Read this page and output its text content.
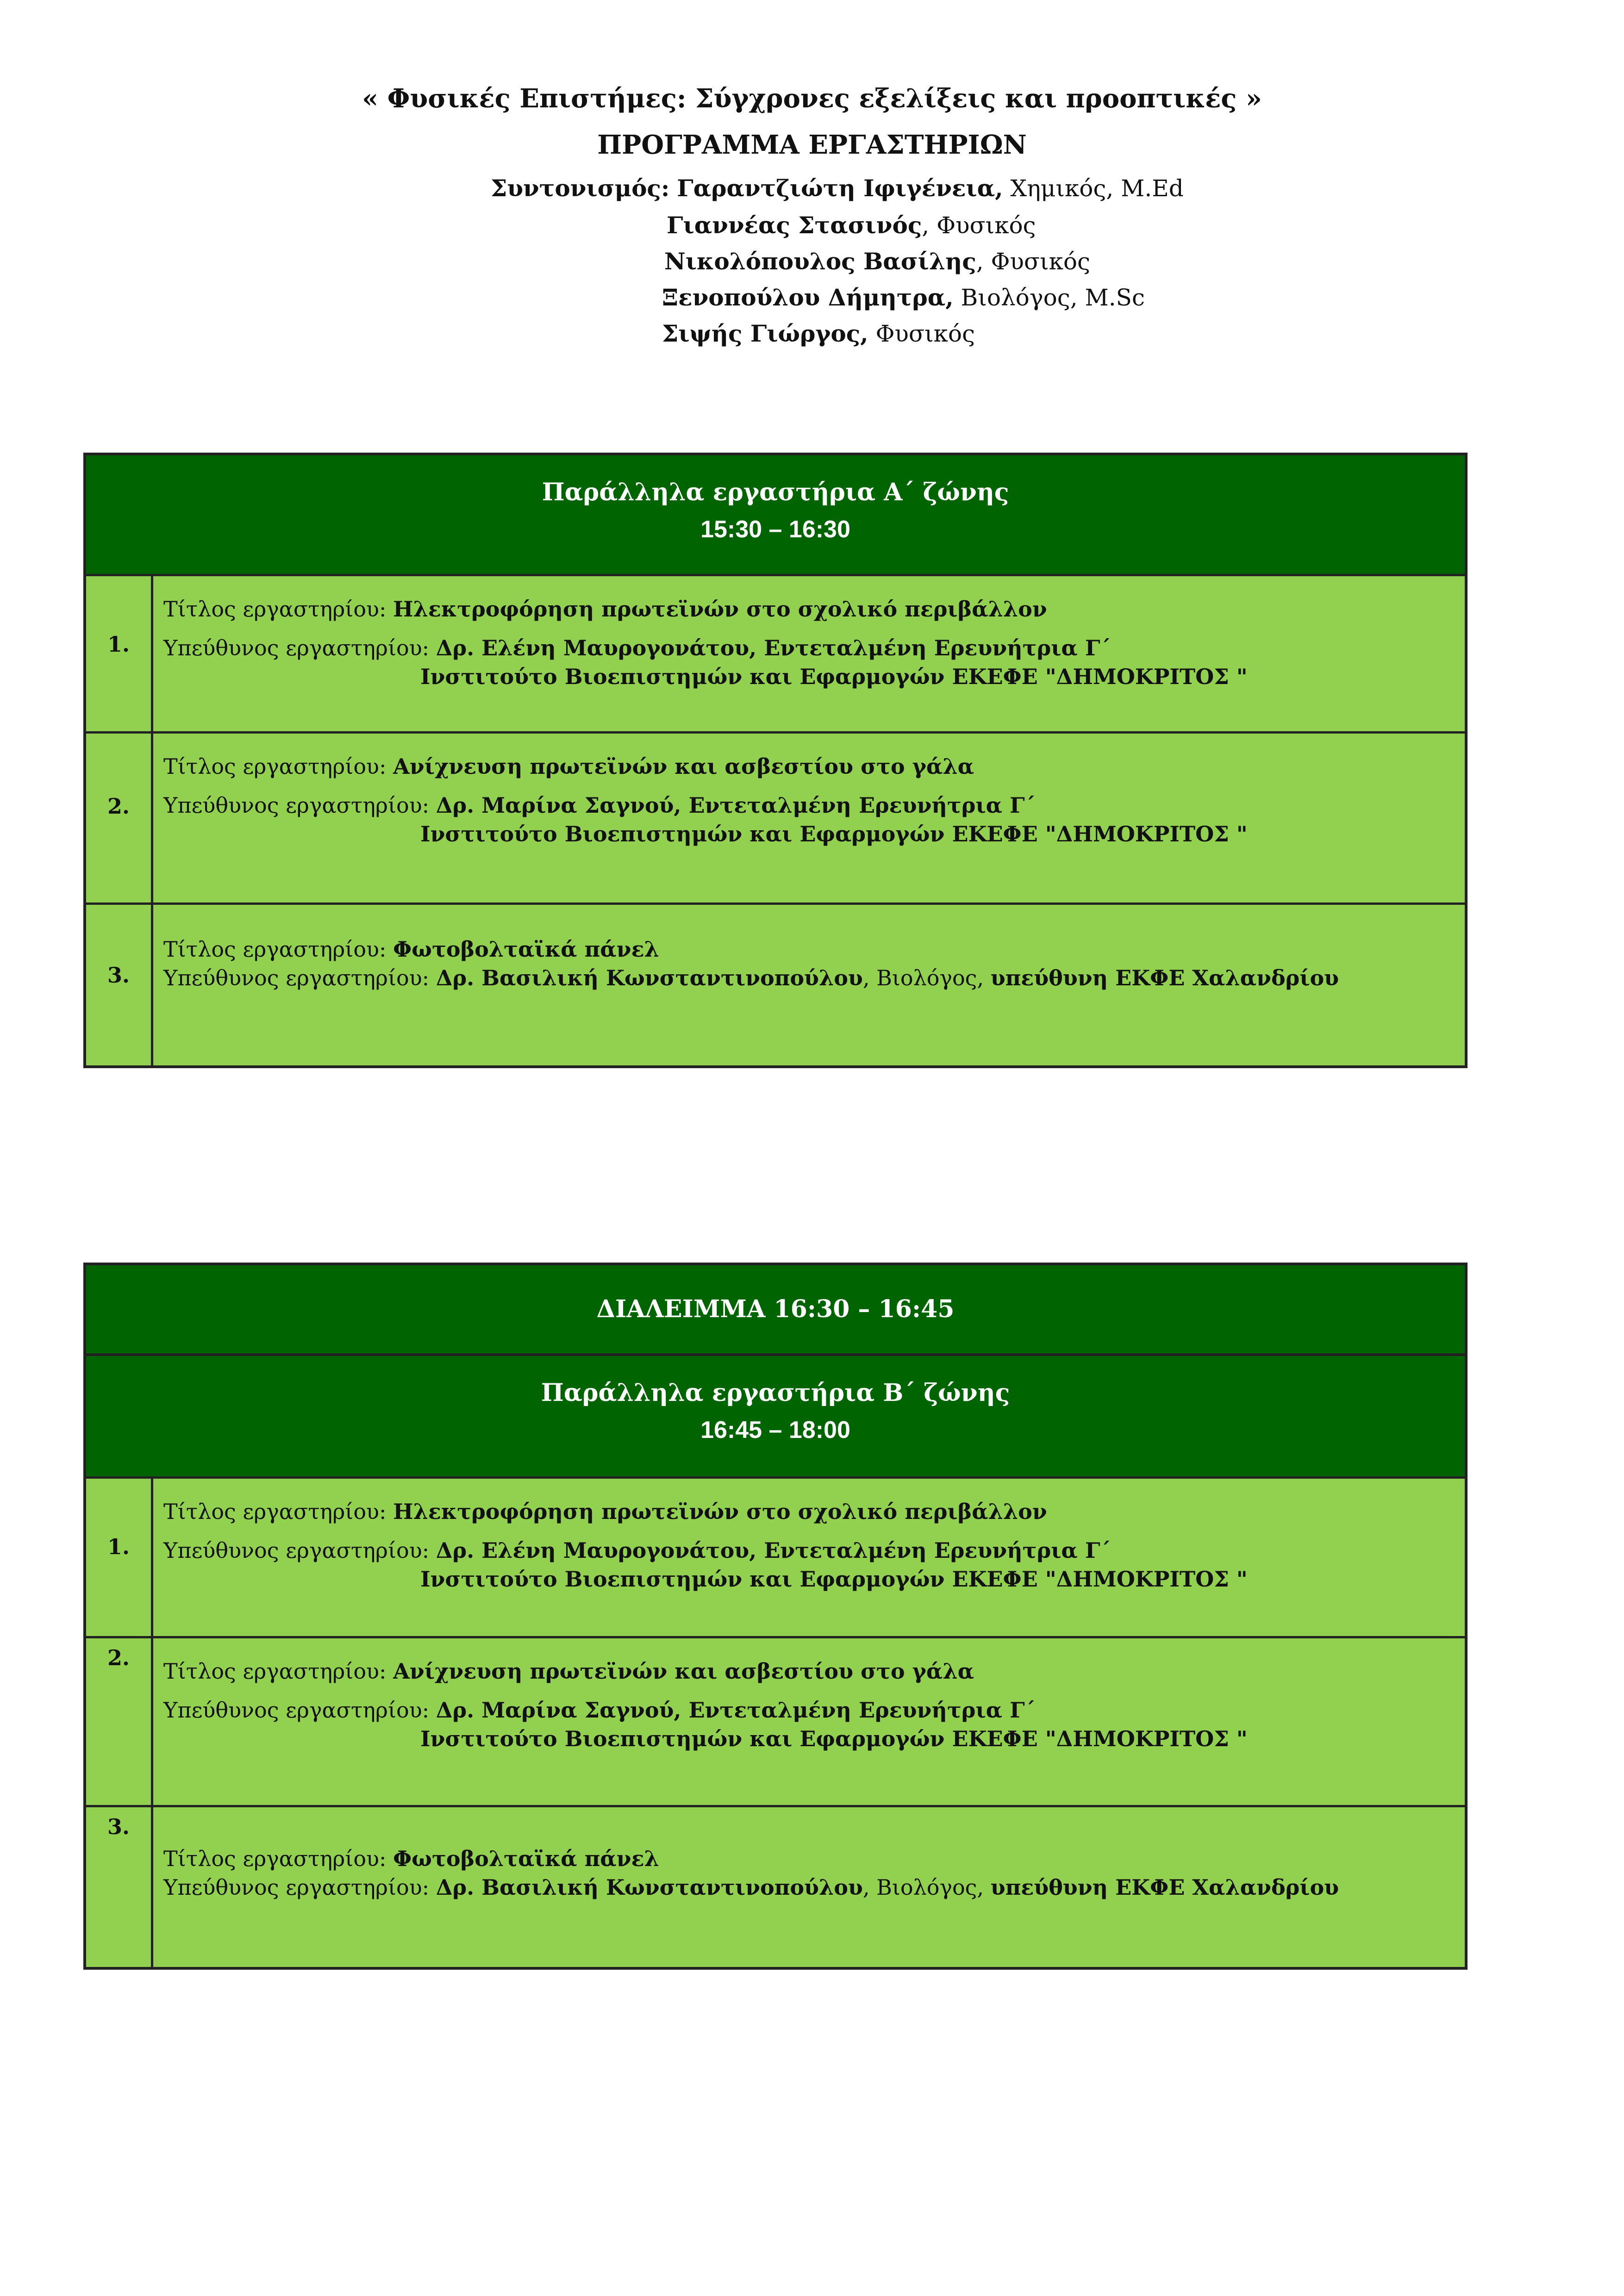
« Φυσικές Επιστήμες: Σύγχρονες εξελίξεις και προοπτικές »
ΠΡΟΓΡΑΜΜΑ ΕΡΓΑΣΤΗΡΙΩΝ
Συντονισμός: Γαραντζιώτη Ιφιγένεια, Χημικός, M.Ed
Γιαννέας Στασινός, Φυσικός
Νικολόπουλος Βασίλης, Φυσικός
Ξενοπούλου Δήμητρα, Βιολόγος, M.Sc
Σιψής Γιώργος, Φυσικός
Παράλληλα εργαστήρια Α΄ ζώνης
15:30 – 16:30
1.
Τίτλος εργαστηρίου: Ηλεκτροφόρηση πρωτεϊνών στο σχολικό περιβάλλον
Υπεύθυνος εργαστηρίου: Δρ. Ελένη Μαυρογονάτου, Εντεταλμένη Ερευνήτρια Γ΄
Ινστιτούτο Βιοεπιστημών και Εφαρμογών ΕΚΕΦΕ "ΔΗΜΟΚΡΙΤΟΣ "
2.
Τίτλος εργαστηρίου: Ανίχνευση πρωτεϊνών και ασβεστίου στο γάλα
Υπεύθυνος εργαστηρίου: Δρ. Μαρίνα Σαγνού, Εντεταλμένη Ερευνήτρια Γ΄
Ινστιτούτο Βιοεπιστημών και Εφαρμογών ΕΚΕΦΕ "ΔΗΜΟΚΡΙΤΟΣ "
3.
Τίτλος εργαστηρίου: Φωτοβολταϊκά πάνελ
Υπεύθυνος εργαστηρίου: Δρ. Βασιλική Κωνσταντινοπούλου, Βιολόγος, υπεύθυνη ΕΚΦΕ Χαλανδρίου
ΔΙΑΛΕΙΜΜΑ 16:30 – 16:45
Παράλληλα εργαστήρια Β΄ ζώνης
16:45 – 18:00
1.
Τίτλος εργαστηρίου: Ηλεκτροφόρηση πρωτεϊνών στο σχολικό περιβάλλον
Υπεύθυνος εργαστηρίου: Δρ. Ελένη Μαυρογονάτου, Εντεταλμένη Ερευνήτρια Γ΄
Ινστιτούτο Βιοεπιστημών και Εφαρμογών ΕΚΕΦΕ "ΔΗΜΟΚΡΙΤΟΣ "
2.
Τίτλος εργαστηρίου: Ανίχνευση πρωτεϊνών και ασβεστίου στο γάλα
Υπεύθυνος εργαστηρίου: Δρ. Μαρίνα Σαγνού, Εντεταλμένη Ερευνήτρια Γ΄
Ινστιτούτο Βιοεπιστημών και Εφαρμογών ΕΚΕΦΕ "ΔΗΜΟΚΡΙΤΟΣ "
3.
Τίτλος εργαστηρίου: Φωτοβολταϊκά πάνελ
Υπεύθυνος εργαστηρίου: Δρ. Βασιλική Κωνσταντινοπούλου, Βιολόγος, υπεύθυνη ΕΚΦΕ Χαλανδρίου
